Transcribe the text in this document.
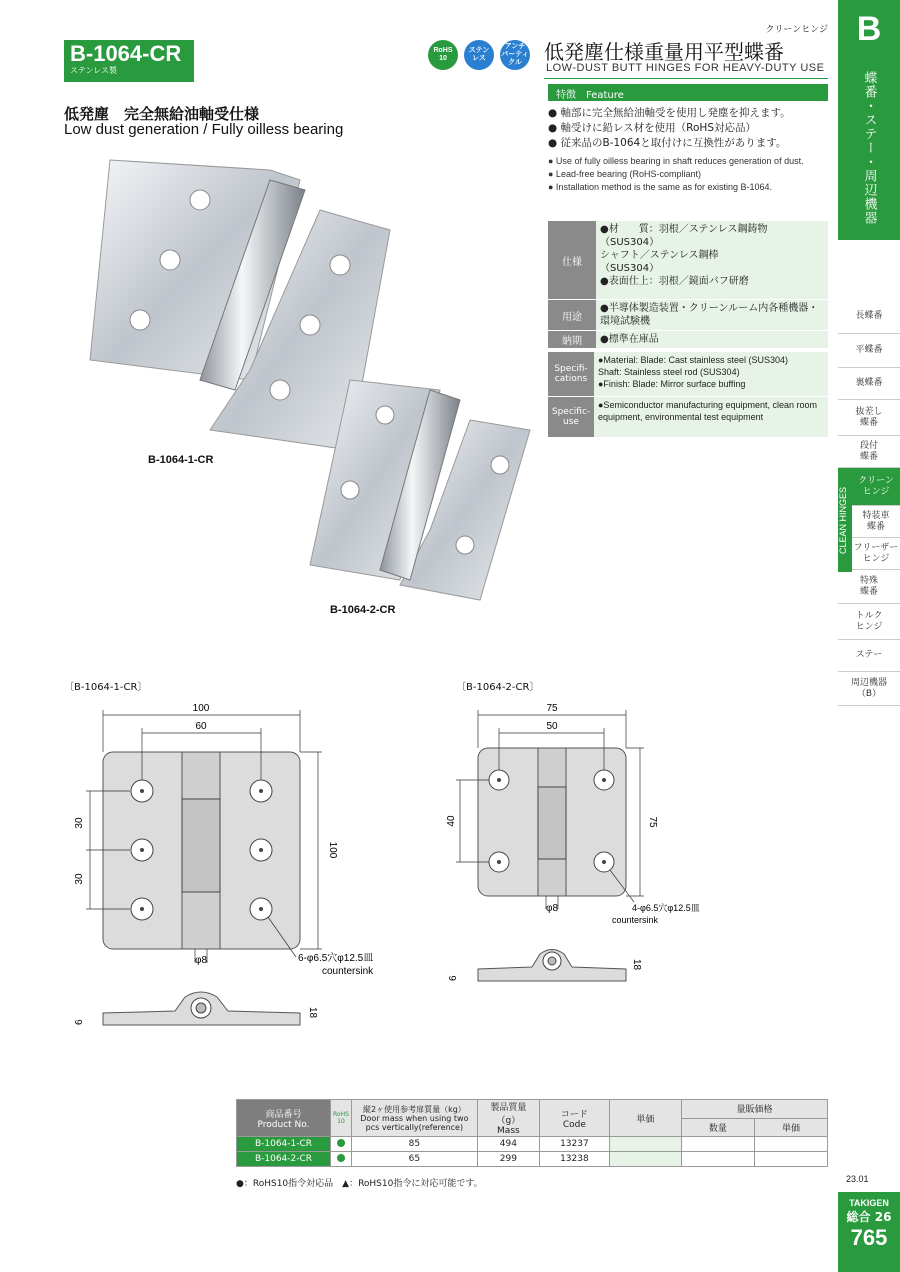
B-1064-CR
ステンレス製
RoHS
10
ステン
レス
アンチ
パーティクル
クリーンヒンジ
低発塵仕様重量用平型蝶番
LOW-DUST BUTT HINGES FOR HEAVY-DUTY USE
B
蝶番・ステー・周辺機器
長蝶番
平蝶番
裏蝶番
抜差し
蝶番
段付
蝶番
クリーン
ヒンジ
特装車
蝶番
フリーザー
ヒンジ
特殊
蝶番
トルク
ヒンジ
ステー
周辺機器
（B）
CLEAN HINGES
低発塵　完全無給油軸受仕様
Low dust generation / Fully oilless bearing
B-1064-1-CR
B-1064-2-CR
特徴　Feature
● 軸部に完全無給油軸受を使用し発塵を抑えます。
● 軸受けに鉛レス材を使用（RoHS対応品）
● 従来品のB-1064と取付けに互換性があります。
● Use of fully oilless bearing in shaft reduces generation of dust.
● Lead-free bearing (RoHS-compliant)
● Installation method is the same as for existing B-1064.
仕様
●材　　質：羽根／ステンレス鋼鋳物
（SUS304）
シャフト／ステンレス鋼棒
（SUS304）
●表面仕上：羽根／鏡面バフ研磨
用途
●半導体製造装置・クリーンルーム内各種機器・環境試験機
納期	●標準在庫品
Specifi-
cations
●Material: Blade: Cast stainless steel (SUS304)
Shaft: Stainless steel rod (SUS304)
●Finish: Blade: Mirror surface buffing
Specific-
use
●Semiconductor manufacturing equipment, clean room equipment, environmental test equipment
〔B-1064-1-CR〕
100
60
30
30
100
φ8	6-φ6.5穴φ12.5皿
countersink
6
18
〔B-1064-2-CR〕
75
50
40	75
φ8	4-φ6.5穴φ12.5皿
countersink
6
18
商品番号
Product No.	RoHS
10	縦2ヶ使用参考扉質量（kg）
Door mass when using two
pcs vertically(reference)	製品質量（g）
Mass	コード
Code	単価	量販価格	
						数量	単価
B-1064-1-CR		85	494	13237			
B-1064-2-CR		65	299	13238			
●：RoHS10指令対応品　▲：RoHS10指令に対応可能です。	23.01
TAKIGEN
総合 26
765
